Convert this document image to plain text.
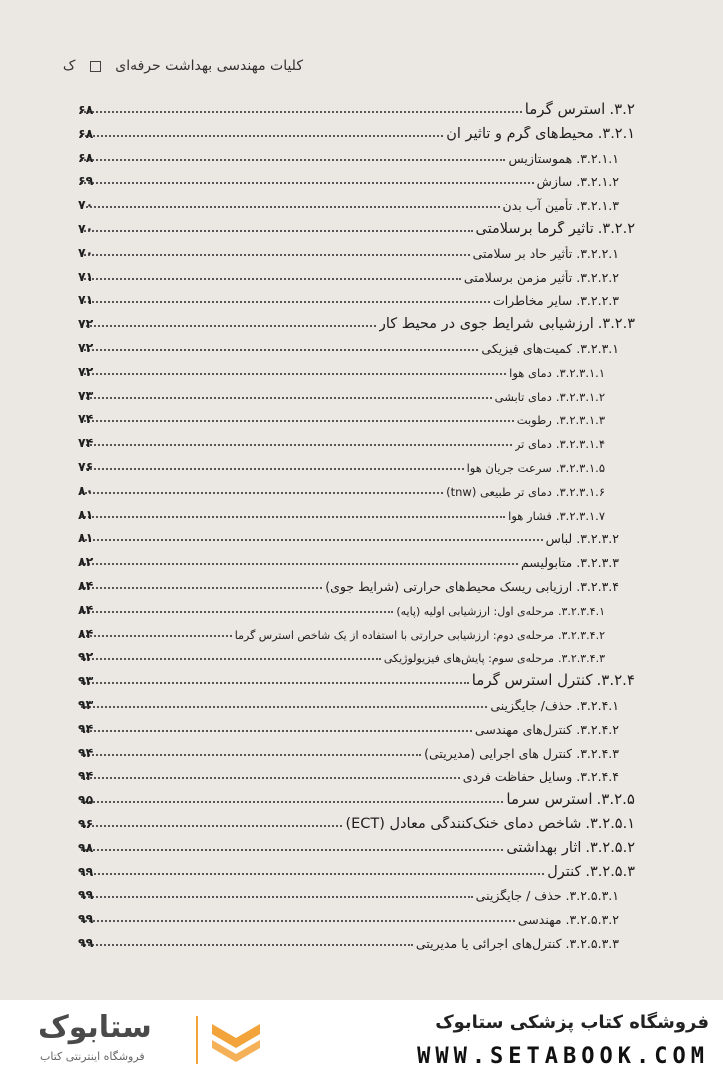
کلیات مهندسی بهداشت حرفه‌ای  ک
۳.۲.
استرس گرما
۶۸
۳.۲.۱.
محیط‌های گرم و تأثیر آن
۶۸
۳.۲.۱.۱.
هموستازیس
۶۸
۳.۲.۱.۲.
سازش
۶۹
۳.۲.۱.۳.
تأمین آب بدن
۷۰
۳.۲.۲.
تأثیر گرما برسلامتی
۷۰
۳.۲.۲.۱.
تأثیر حاد بر سلامتی
۷۰
۳.۲.۲.۲.
تأثیر مزمن برسلامتی
۷۱
۳.۲.۲.۳.
سایر مخاطرات
۷۱
۳.۲.۳.
ارزشیابی شرایط جوی در محیط کار
۷۲
۳.۲.۳.۱.
کمیت‌های فیزیکی
۷۲
۳.۲.۳.۱.۱.
دمای هوا
۷۲
۳.۲.۳.۱.۲.
دمای تابشی
۷۳
۳.۲.۳.۱.۳.
رطوبت
۷۴
۳.۲.۳.۱.۴.
دمای تر
۷۴
۳.۲.۳.۱.۵.
سرعت جریان هوا
۷۶
۳.۲.۳.۱.۶.
دمای تر طبیعی (tnw)
۸۰
۳.۲.۳.۱.۷.
فشار هوا
۸۱
۳.۲.۳.۲.
لباس
۸۱
۳.۲.۳.۳.
متابولیسم
۸۲
۳.۲.۳.۴.
ارزیابی ریسک محیط‌های حرارتی (شرایط جوی)
۸۴
۳.۲.۳.۴.۱.
مرحله‌ی اول: ارزشیابی اولیه (پایه)
۸۴
۳.۲.۳.۴.۲.
مرحله‌ی دوم: ارزشیابی حرارتی با استفاده از یک شاخص استرس گرما
۸۴
۳.۲.۳.۴.۳.
مرحله‌ی سوم: پایش‌های فیزیولوژیکی
۹۲
۳.۲.۴.
کنترل استرس گرما
۹۳
۳.۲.۴.۱.
حذف/ جایگزینی
۹۳
۳.۲.۴.۲.
کنترل‌های مهندسی
۹۴
۳.۲.۴.۳.
کنترل های اجرایی (مدیریتی)
۹۴
۳.۲.۴.۴.
وسایل حفاظت فردی
۹۴
۳.۲.۵.
استرس سرما
۹۵
۳.۲.۵.۱.
شاخص دمای خنک‌کنندگی معادل (ECT)
۹۶
۳.۲.۵.۲.
آثار بهداشتی
۹۸
۳.۲.۵.۳.
کنترل
۹۹
۳.۲.۵.۳.۱.
حذف / جایگزینی
۹۹
۳.۲.۵.۳.۲.
مهندسی
۹۹
۳.۲.۵.۳.۳.
کنترل‌های اجرائی یا مدیریتی
۹۹
فروشگاه کتاب پزشکی ستابوک
WWW.SETABOOK.COM
ستابوک
فروشگاه اینترنتی کتاب
